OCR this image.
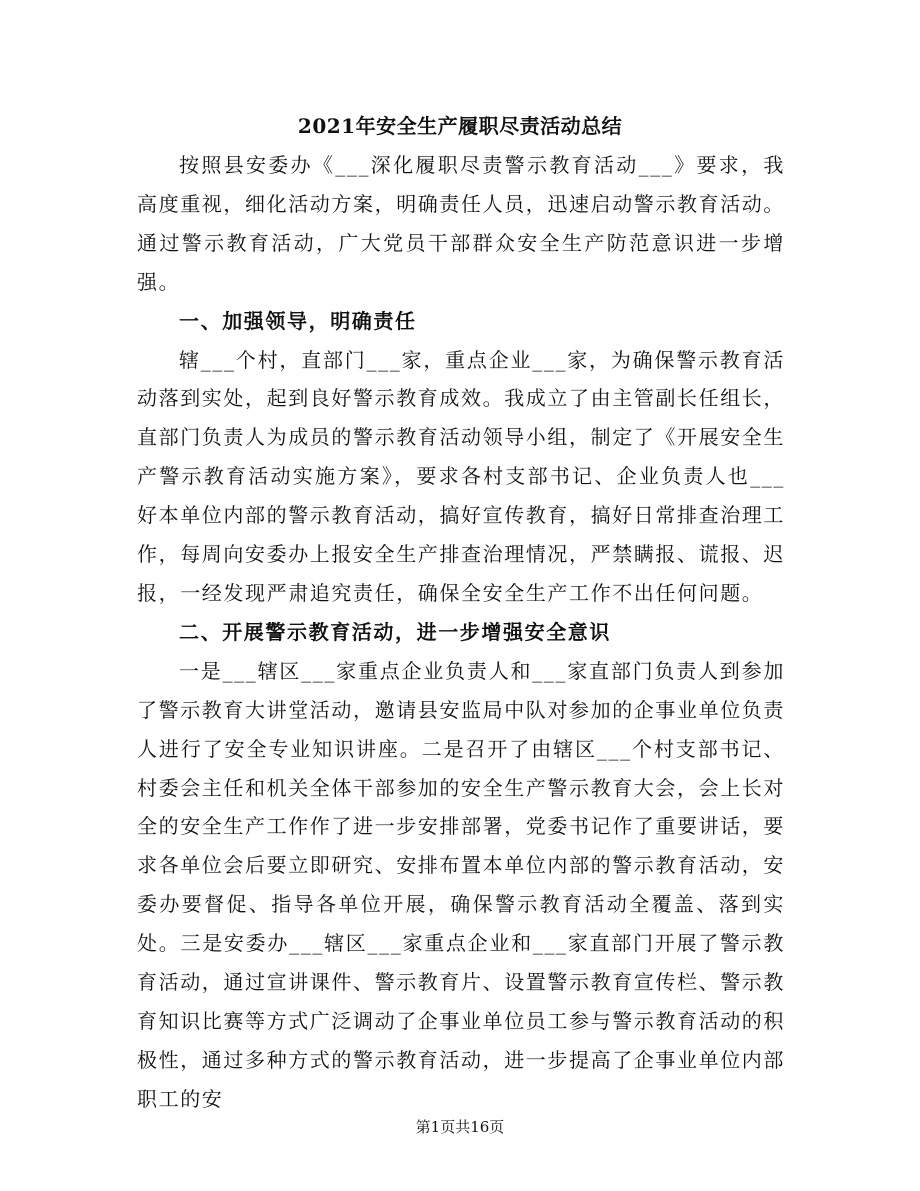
2021年安全生产履职尽责活动总结

按照县安委办《___深化履职尽责警示教育活动___》要求，我高度重视，细化活动方案，明确责任人员，迅速启动警示教育活动。通过警示教育活动，广大党员干部群众安全生产防范意识进一步增强。

一、加强领导，明确责任

辖___个村，直部门___家，重点企业___家，为确保警示教育活动落到实处，起到良好警示教育成效。我成立了由主管副长任组长，直部门负责人为成员的警示教育活动领导小组，制定了《开展安全生产警示教育活动实施方案》，要求各村支部书记、企业负责人也___好本单位内部的警示教育活动，搞好宣传教育，搞好日常排查治理工作，每周向安委办上报安全生产排查治理情况，严禁瞒报、谎报、迟报，一经发现严肃追究责任，确保全安全生产工作不出任何问题。

二、开展警示教育活动，进一步增强安全意识

一是___辖区___家重点企业负责人和___家直部门负责人到参加了警示教育大讲堂活动，邀请县安监局中队对参加的企事业单位负责人进行了安全专业知识讲座。二是召开了由辖区___个村支部书记、村委会主任和机关全体干部参加的安全生产警示教育大会，会上长对全的安全生产工作作了进一步安排部署，党委书记作了重要讲话，要求各单位会后要立即研究、安排布置本单位内部的警示教育活动，安委办要督促、指导各单位开展，确保警示教育活动全覆盖、落到实处。三是安委办___辖区___家重点企业和___家直部门开展了警示教育活动，通过宣讲课件、警示教育片、设置警示教育宣传栏、警示教育知识比赛等方式广泛调动了企事业单位员工参与警示教育活动的积极性，通过多种方式的警示教育活动，进一步提高了企事业单位内部职工的安

第1页共16页
